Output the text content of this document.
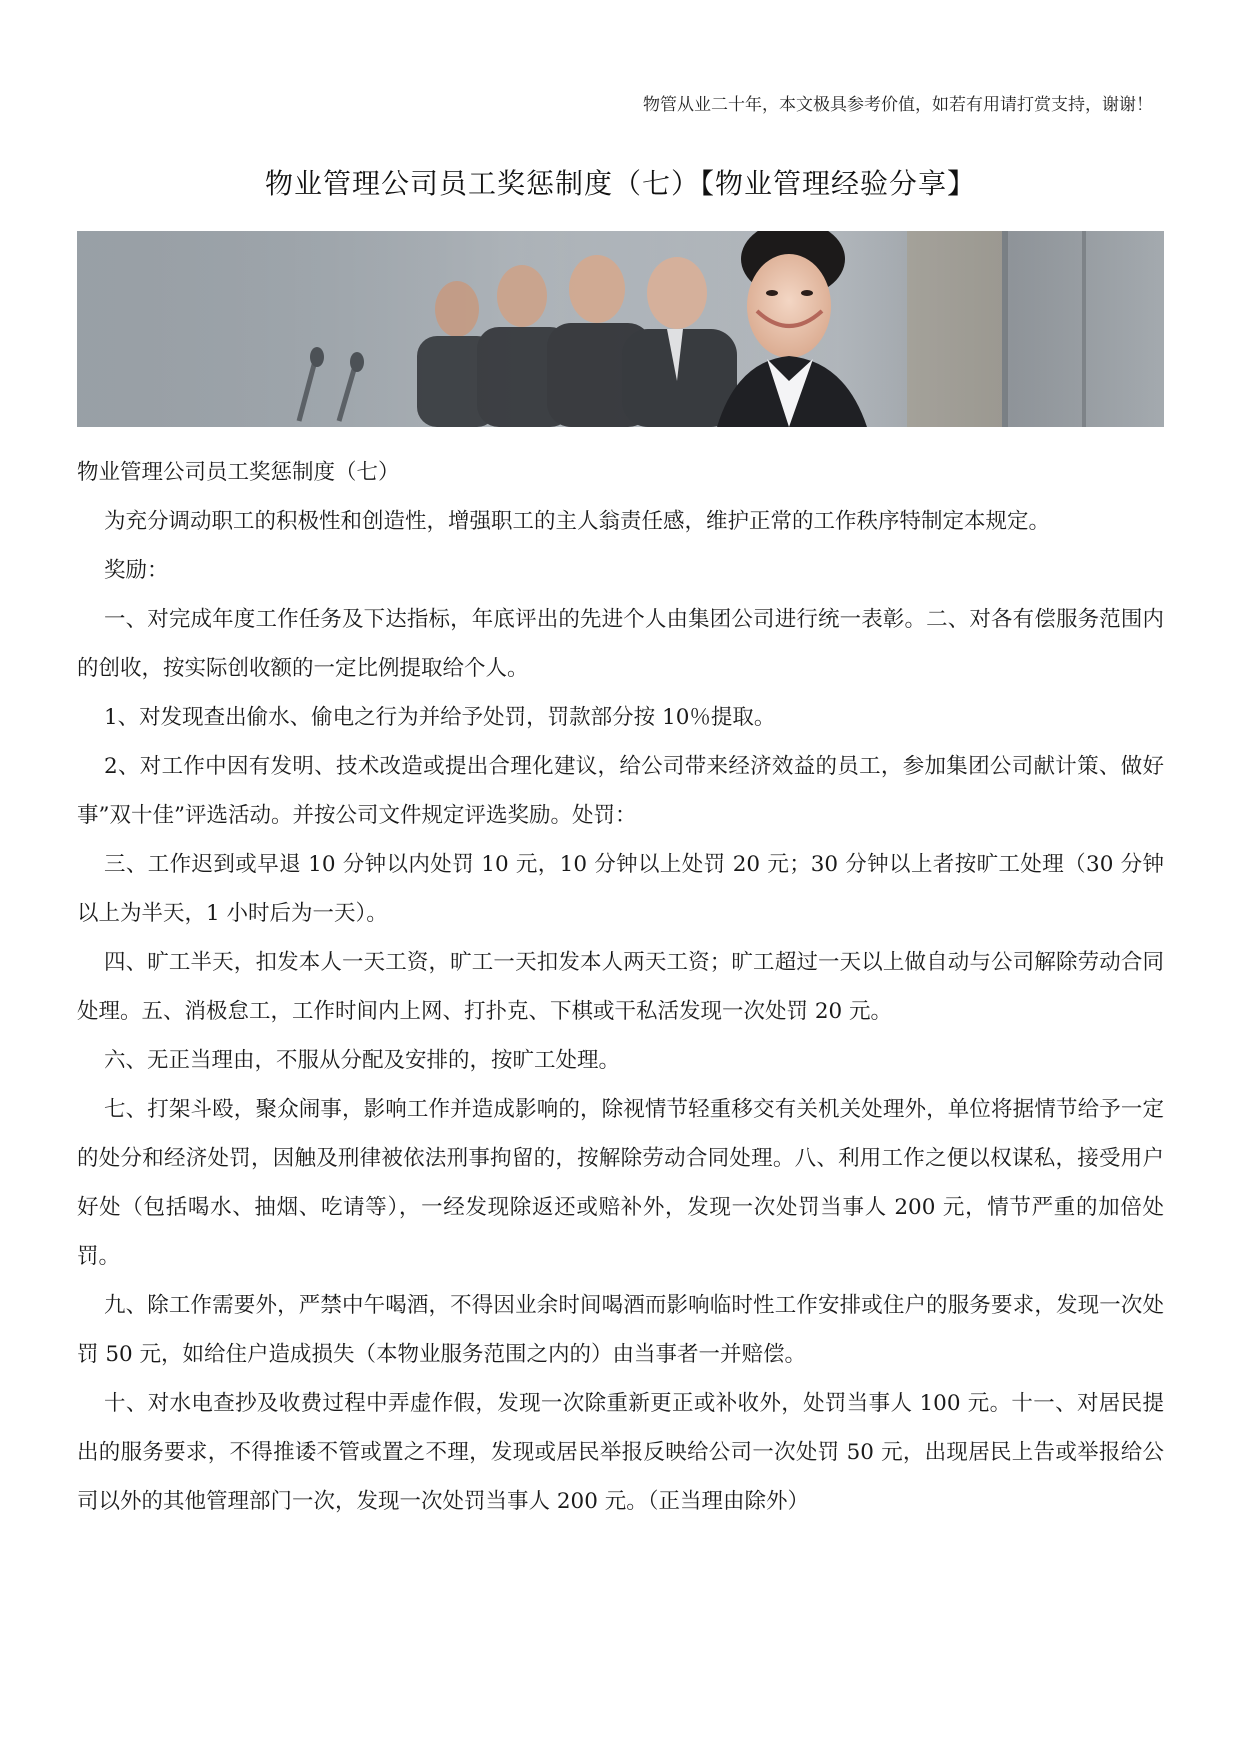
物管从业二十年，本文极具参考价值，如若有用请打赏支持，谢谢！
物业管理公司员工奖惩制度（七）【物业管理经验分享】

物业管理公司员工奖惩制度（七）

为充分调动职工的积极性和创造性，增强职工的主人翁责任感，维护正常的工作秩序特制定本规定。

奖励：

一、对完成年度工作任务及下达指标，年底评出的先进个人由集团公司进行统一表彰。二、对各有偿服务范围内的创收，按实际创收额的一定比例提取给个人。

1、对发现查出偷水、偷电之行为并给予处罚，罚款部分按 10％提取。

2、对工作中因有发明、技术改造或提出合理化建议，给公司带来经济效益的员工，参加集团公司献计策、做好事”双十佳”评选活动。并按公司文件规定评选奖励。处罚：

三、工作迟到或早退 10 分钟以内处罚 10 元，10 分钟以上处罚 20 元；30 分钟以上者按旷工处理（30 分钟以上为半天，1 小时后为一天）。

四、旷工半天，扣发本人一天工资，旷工一天扣发本人两天工资；旷工超过一天以上做自动与公司解除劳动合同处理。五、消极怠工，工作时间内上网、打扑克、下棋或干私活发现一次处罚 20 元。

六、无正当理由，不服从分配及安排的，按旷工处理。

七、打架斗殴，聚众闹事，影响工作并造成影响的，除视情节轻重移交有关机关处理外，单位将据情节给予一定的处分和经济处罚，因触及刑律被依法刑事拘留的，按解除劳动合同处理。八、利用工作之便以权谋私，接受用户好处（包括喝水、抽烟、吃请等），一经发现除返还或赔补外，发现一次处罚当事人 200 元，情节严重的加倍处罚。

九、除工作需要外，严禁中午喝酒，不得因业余时间喝酒而影响临时性工作安排或住户的服务要求，发现一次处罚 50 元，如给住户造成损失（本物业服务范围之内的）由当事者一并赔偿。

十、对水电查抄及收费过程中弄虚作假，发现一次除重新更正或补收外，处罚当事人 100 元。十一、对居民提出的服务要求，不得推诿不管或置之不理，发现或居民举报反映给公司一次处罚 50 元，出现居民上告或举报给公司以外的其他管理部门一次，发现一次处罚当事人 200 元。（正当理由除外）
